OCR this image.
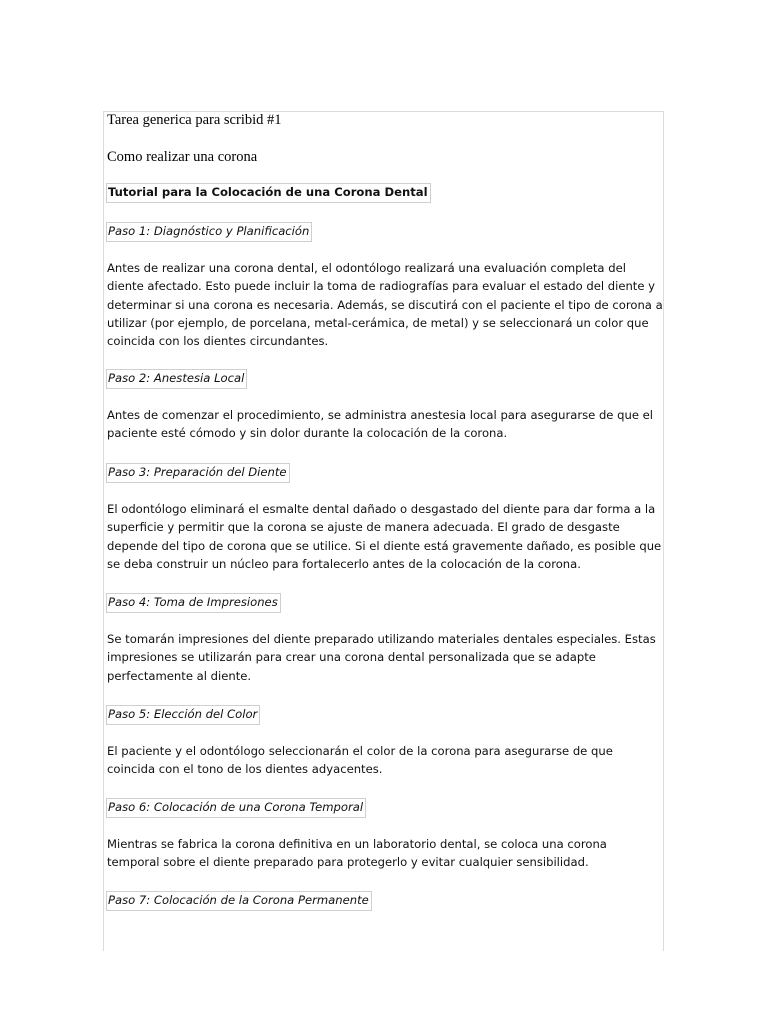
Tarea generica para scribid #1
Como realizar una corona
Tutorial para la Colocación de una Corona Dental
Paso 1: Diagnóstico y Planificación

Antes de realizar una corona dental, el odontólogo realizará una evaluación completa del diente afectado. Esto puede incluir la toma de radiografías para evaluar el estado del diente y determinar si una corona es necesaria. Además, se discutirá con el paciente el tipo de corona a utilizar (por ejemplo, de porcelana, metal-cerámica, de metal) y se seleccionará un color que coincida con los dientes circundantes.

Paso 2: Anestesia Local

Antes de comenzar el procedimiento, se administra anestesia local para asegurarse de que el paciente esté cómodo y sin dolor durante la colocación de la corona.

Paso 3: Preparación del Diente

El odontólogo eliminará el esmalte dental dañado o desgastado del diente para dar forma a la superficie y permitir que la corona se ajuste de manera adecuada. El grado de desgaste depende del tipo de corona que se utilice. Si el diente está gravemente dañado, es posible que se deba construir un núcleo para fortalecerlo antes de la colocación de la corona.

Paso 4: Toma de Impresiones

Se tomarán impresiones del diente preparado utilizando materiales dentales especiales. Estas impresiones se utilizarán para crear una corona dental personalizada que se adapte perfectamente al diente.

Paso 5: Elección del Color

El paciente y el odontólogo seleccionarán el color de la corona para asegurarse de que coincida con el tono de los dientes adyacentes.

Paso 6: Colocación de una Corona Temporal

Mientras se fabrica la corona definitiva en un laboratorio dental, se coloca una corona temporal sobre el diente preparado para protegerlo y evitar cualquier sensibilidad.

Paso 7: Colocación de la Corona Permanente
